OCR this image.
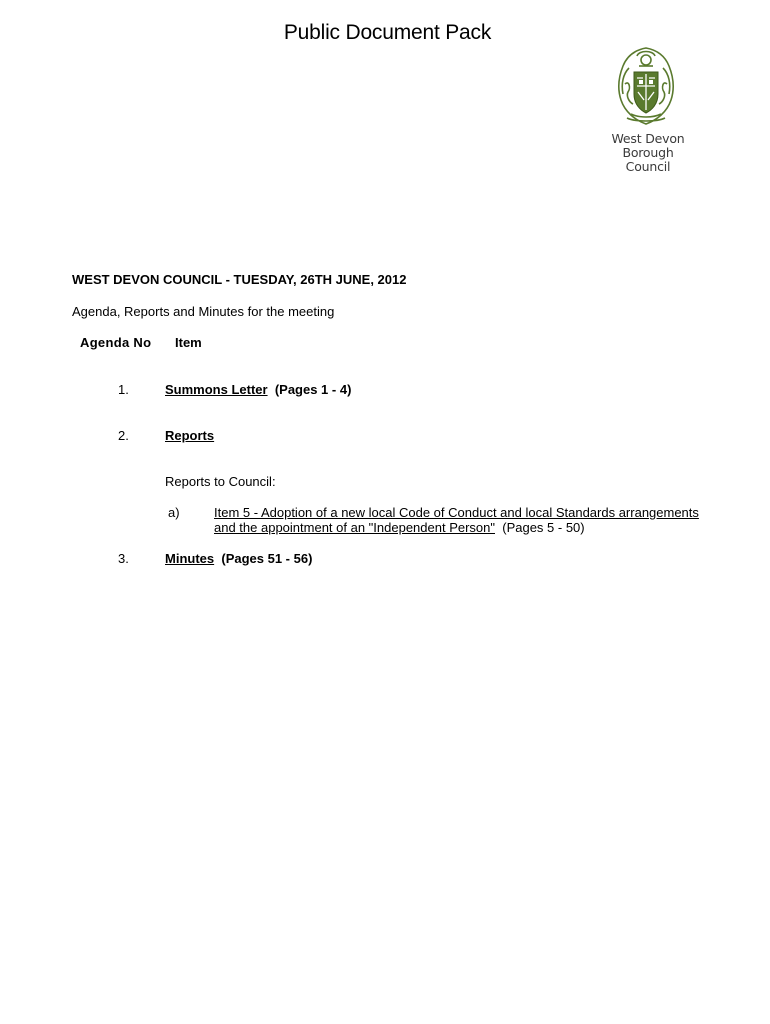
Public Document Pack
West Devon
Borough
Council
WEST DEVON COUNCIL - TUESDAY, 26TH JUNE, 2012
Agenda, Reports and Minutes for the meeting
Agenda No Item
1.	Summons Letter (Pages 1 - 4)
2.	Reports
Reports to Council:
a)	Item 5 - Adoption of a new local Code of Conduct and local Standards arrangements
and the appointment of an "Independent Person" (Pages 5 - 50)
3.	Minutes (Pages 51 - 56)
